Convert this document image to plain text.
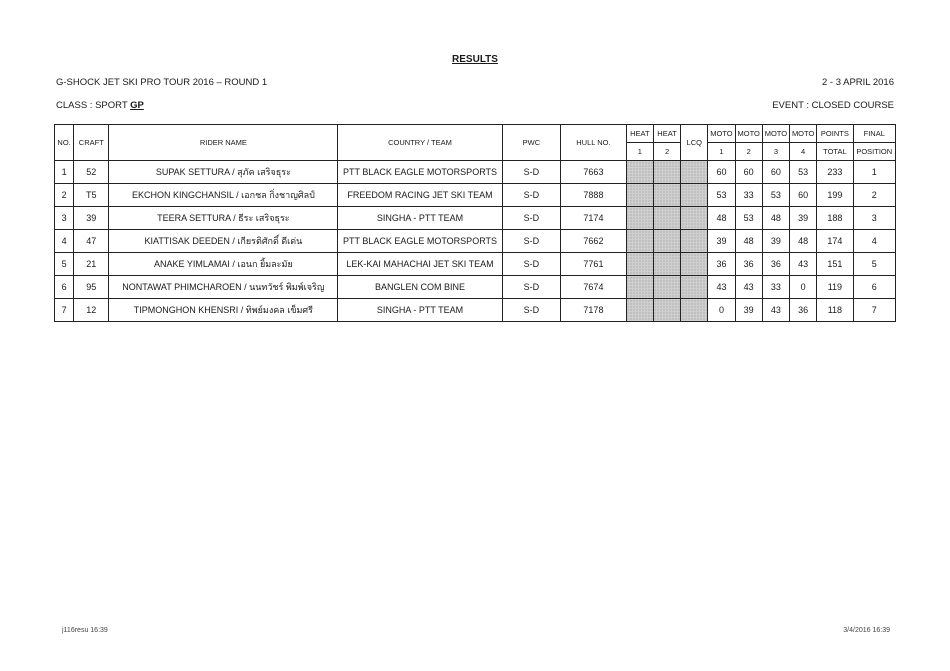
RESULTS
G-SHOCK JET SKI PRO TOUR 2016 – ROUND 1	2 - 3 APRIL 2016
CLASS : SPORT GP	EVENT : CLOSED COURSE
NO.	CRAFT	RIDER NAME	COUNTRY / TEAM	PWC	HULL NO.	HEAT	HEAT	LCQ	MOTO	MOTO	MOTO	MOTO	POINTS	FINAL
						1	2		1	2	3	4	TOTAL	POSITION
1	52	SUPAK SETTURA / สุภัค เสริจธุระ	PTT BLACK EAGLE MOTORSPORTS	S-D	7663				60	60	60	53	233	1
2	T5	EKCHON KINGCHANSIL / เอกชล กิ่งชาญศิลป์	FREEDOM RACING JET SKI TEAM	S-D	7888				53	33	53	60	199	2
3	39	TEERA SETTURA / ธีระ เสริจธุระ	SINGHA - PTT TEAM	S-D	7174				48	53	48	39	188	3
4	47	KIATTISAK DEEDEN / เกียรติศักดิ์ ดีเด่น	PTT BLACK EAGLE MOTORSPORTS	S-D	7662				39	48	39	48	174	4
5	21	ANAKE YIMLAMAI / เอนก ยิ้มละมัย	LEK-KAI MAHACHAI JET SKI TEAM	S-D	7761				36	36	36	43	151	5
6	95	NONTAWAT PHIMCHAROEN / นนทวัชร์ พิมพ์เจริญ	BANGLEN COM BINE	S-D	7674				43	43	33	0	119	6
7	12	TIPMONGHON KHENSRI / ทิพย์มงคล เข็มศรี	SINGHA - PTT TEAM	S-D	7178				0	39	43	36	118	7
j116resu 16:39	3/4/2016 16:39
